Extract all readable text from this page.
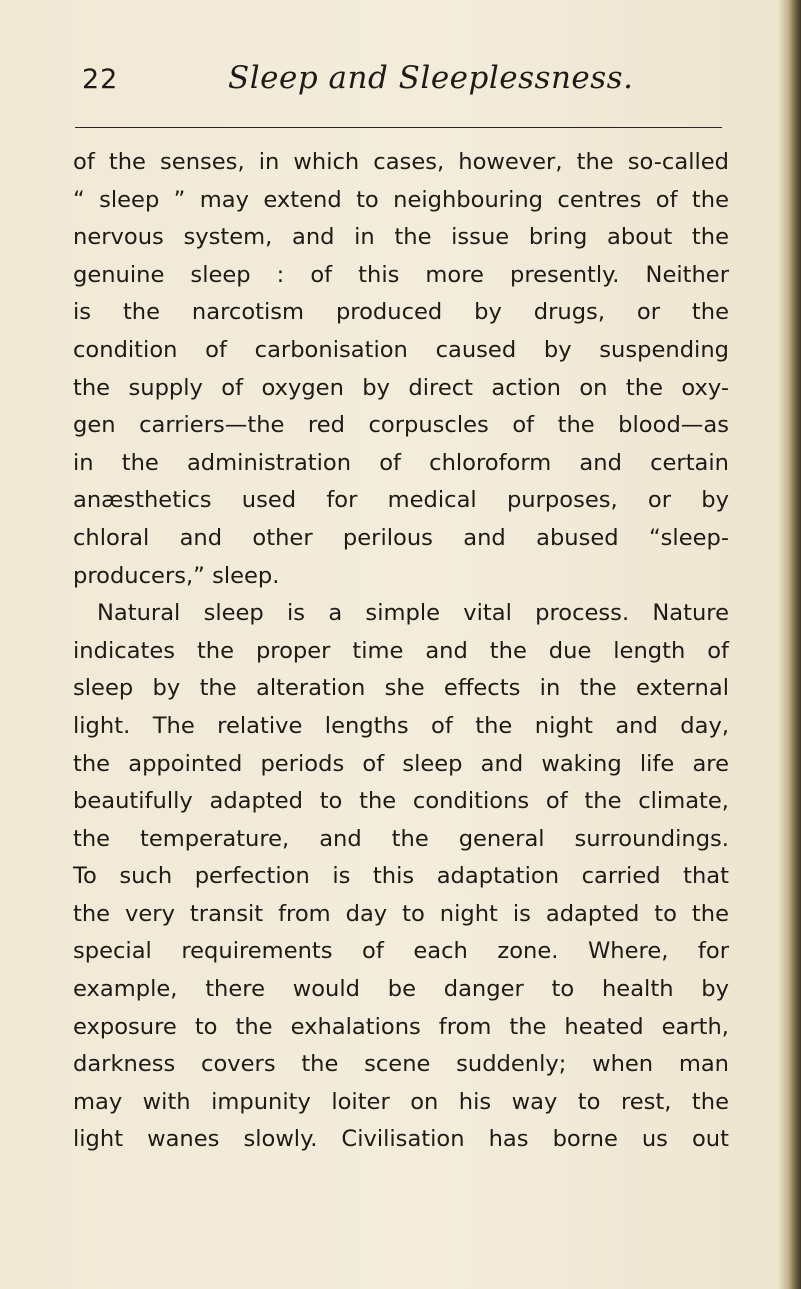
22	Sleep and Sleeplessness.
of the senses, in which cases, however, the so-called
“ sleep ” may extend to neighbouring centres of the
nervous system, and in the issue bring about the
genuine sleep : of this more presently. Neither
is the narcotism produced by drugs, or the
condition of carbonisation caused by suspending
the supply of oxygen by direct action on the oxy-
gen carriers—the red corpuscles of the blood—as
in the administration of chloroform and certain
anæsthetics used for medical purposes, or by
chloral and other perilous and abused “sleep-
producers,” sleep.
Natural sleep is a simple vital process. Nature
indicates the proper time and the due length of
sleep by the alteration she effects in the external
light. The relative lengths of the night and day,
the appointed periods of sleep and waking life are
beautifully adapted to the conditions of the climate,
the temperature, and the general surroundings.
To such perfection is this adaptation carried that
the very transit from day to night is adapted to the
special requirements of each zone. Where, for
example, there would be danger to health by
exposure to the exhalations from the heated earth,
darkness covers the scene suddenly; when man
may with impunity loiter on his way to rest, the
light wanes slowly. Civilisation has borne us out
